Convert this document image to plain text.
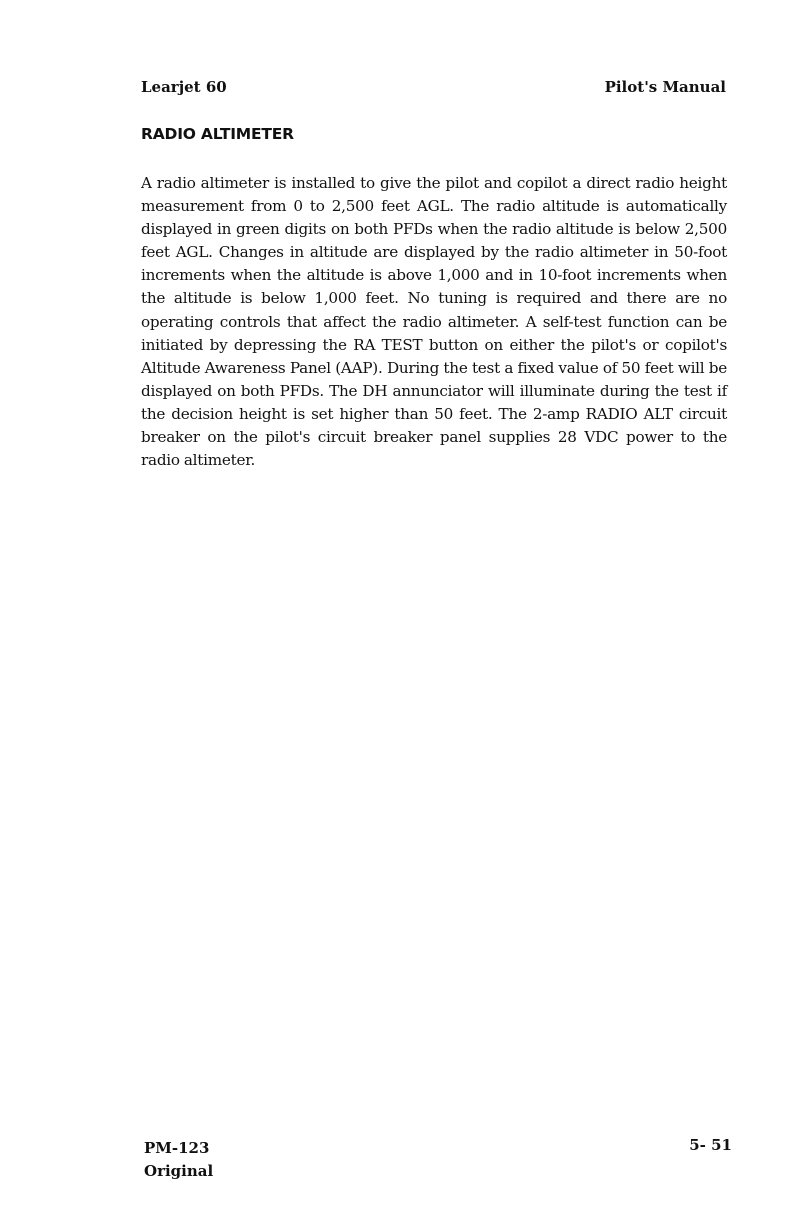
Learjet 60	Pilot's Manual
RADIO ALTIMETER

A radio altimeter is installed to give the pilot and copilot a direct radio height measurement from 0 to 2,500 feet AGL. The radio altitude is automatically displayed in green digits on both PFDs when the radio altitude is below 2,500 feet AGL. Changes in altitude are displayed by the radio altimeter in 50-foot increments when the altitude is above 1,000 and in 10-foot increments when the altitude is below 1,000 feet. No tuning is required and there are no operating controls that affect the radio altimeter. A self-test function can be initiated by depressing the RA TEST button on either the pilot's or copilot's Altitude Awareness Panel (AAP). During the test a fixed value of 50 feet will be displayed on both PFDs. The DH annunciator will illuminate during the test if the decision height is set higher than 50 feet. The 2-amp RADIO ALT circuit breaker on the pilot's circuit breaker panel supplies 28 VDC power to the radio altimeter.

PM-123
Original
5- 51
